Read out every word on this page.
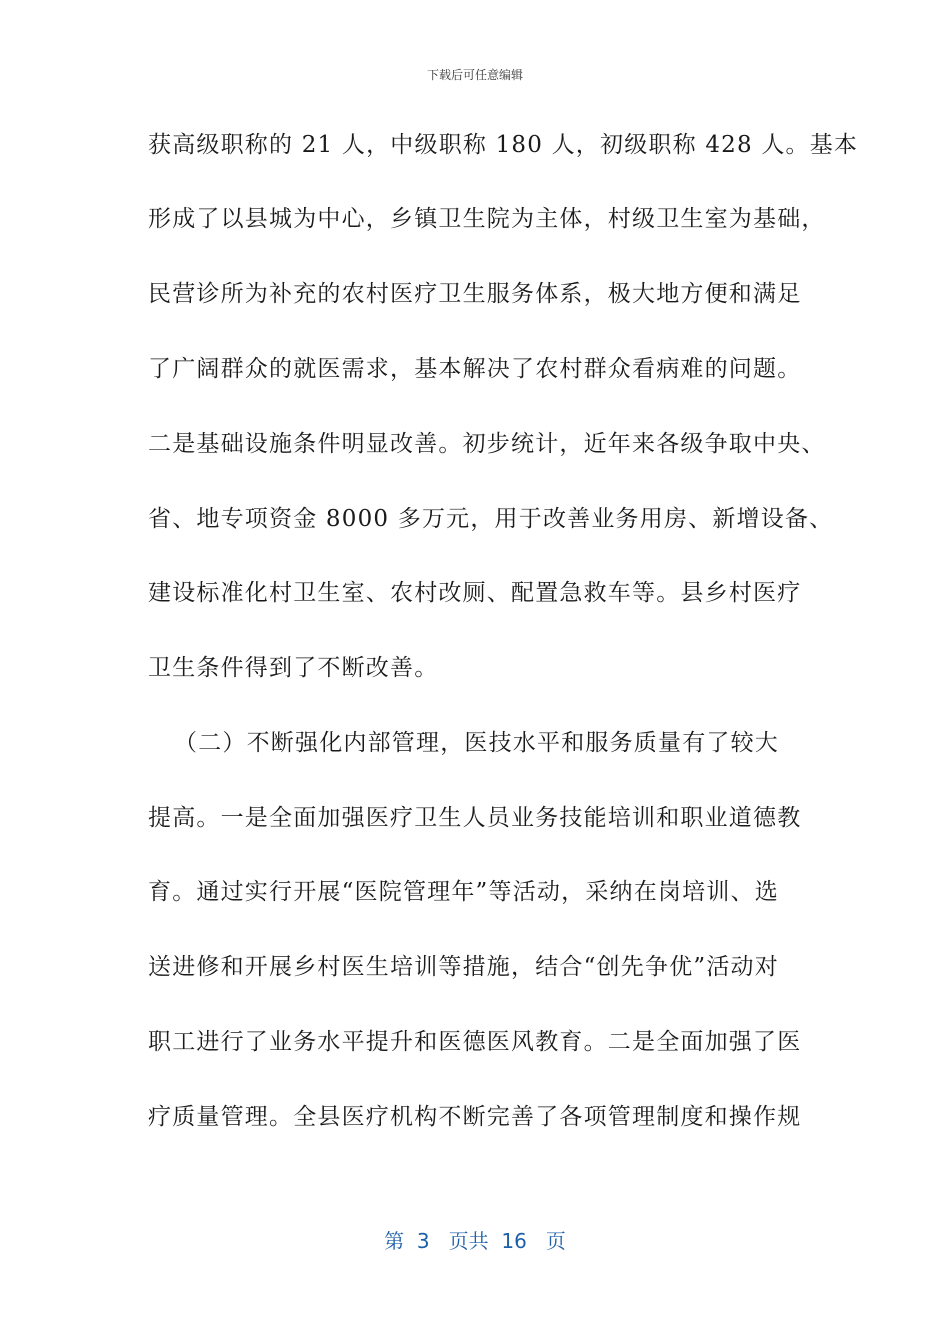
下载后可任意编辑
获高级职称的 21 人，中级职称 180 人，初级职称 428 人。基本
形成了以县城为中心，乡镇卫生院为主体，村级卫生室为基础，
民营诊所为补充的农村医疗卫生服务体系，极大地方便和满足
了广阔群众的就医需求，基本解决了农村群众看病难的问题。
二是基础设施条件明显改善。初步统计，近年来各级争取中央、
省、地专项资金 8000 多万元，用于改善业务用房、新增设备、
建设标准化村卫生室、农村改厕、配置急救车等。县乡村医疗
卫生条件得到了不断改善。
（二）不断强化内部管理，医技水平和服务质量有了较大
提高。一是全面加强医疗卫生人员业务技能培训和职业道德教
育。通过实行开展“医院管理年”等活动，采纳在岗培训、选
送进修和开展乡村医生培训等措施，结合“创先争优”活动对
职工进行了业务水平提升和医德医风教育。二是全面加强了医
疗质量管理。全县医疗机构不断完善了各项管理制度和操作规
第 3 页共 16 页
